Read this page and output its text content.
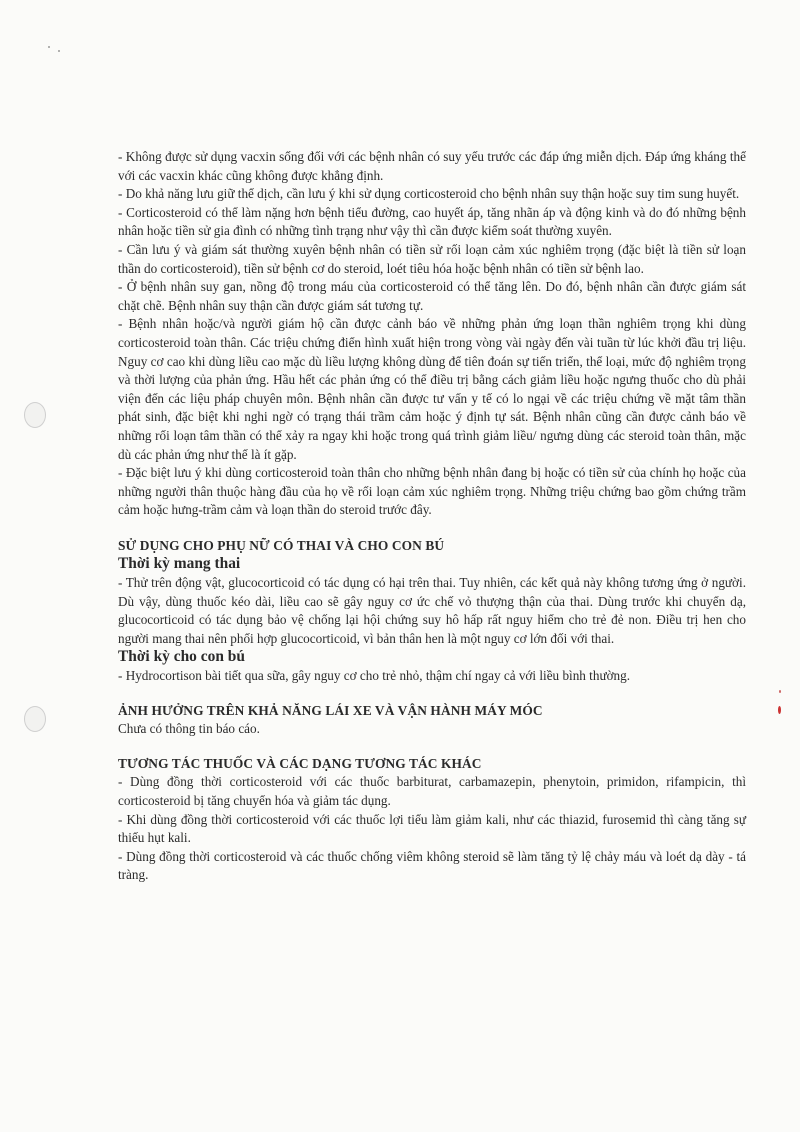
- Không được sử dụng vacxin sống đối với các bệnh nhân có suy yếu trước các đáp ứng miễn dịch. Đáp ứng kháng thể với các vacxin khác cũng không được khẳng định.

- Do khả năng lưu giữ thể dịch, cần lưu ý khi sử dụng corticosteroid cho bệnh nhân suy thận hoặc suy tim sung huyết.

- Corticosteroid có thể làm nặng hơn bệnh tiểu đường, cao huyết áp, tăng nhãn áp và động kinh và do đó những bệnh nhân hoặc tiền sử gia đình có những tình trạng như vậy thì cần được kiểm soát thường xuyên.

- Cần lưu ý và giám sát thường xuyên bệnh nhân có tiền sử rối loạn cảm xúc nghiêm trọng (đặc biệt là tiền sử loạn thần do corticosteroid), tiền sử bệnh cơ do steroid, loét tiêu hóa hoặc bệnh nhân có tiền sử bệnh lao.

- Ở bệnh nhân suy gan, nồng độ trong máu của corticosteroid có thể tăng lên. Do đó, bệnh nhân cần được giám sát chặt chẽ. Bệnh nhân suy thận cần được giám sát tương tự.

- Bệnh nhân hoặc/và người giám hộ cần được cảnh báo về những phản ứng loạn thần nghiêm trọng khi dùng corticosteroid toàn thân. Các triệu chứng điển hình xuất hiện trong vòng vài ngày đến vài tuần từ lúc khởi đầu trị liệu. Nguy cơ cao khi dùng liều cao mặc dù liều lượng không dùng để tiên đoán sự tiến triển, thể loại, mức độ nghiêm trọng và thời lượng của phản ứng. Hầu hết các phản ứng có thể điều trị bằng cách giảm liều hoặc ngưng thuốc cho dù phải viện đến các liệu pháp chuyên môn. Bệnh nhân cần được tư vấn y tế có lo ngại về các triệu chứng về mặt tâm thần phát sinh, đặc biệt khi nghi ngờ có trạng thái trầm cảm hoặc ý định tự sát. Bệnh nhân cũng cần được cảnh báo về những rối loạn tâm thần có thể xảy ra ngay khi hoặc trong quá trình giảm liều/ ngưng dùng các steroid toàn thân, mặc dù các phản ứng như thế là ít gặp.

- Đặc biệt lưu ý khi dùng corticosteroid toàn thân cho những bệnh nhân đang bị hoặc có tiền sử của chính họ hoặc của những người thân thuộc hàng đầu của họ về rối loạn cảm xúc nghiêm trọng. Những triệu chứng bao gồm chứng trầm cảm hoặc hưng-trầm cảm và loạn thần do steroid trước đây.

SỬ DỤNG CHO PHỤ NỮ CÓ THAI VÀ CHO CON BÚ
Thời kỳ mang thai

- Thử trên động vật, glucocorticoid có tác dụng có hại trên thai. Tuy nhiên, các kết quả này không tương ứng ở người. Dù vậy, dùng thuốc kéo dài, liều cao sẽ gây nguy cơ ức chế vỏ thượng thận của thai. Dùng trước khi chuyển dạ, glucocorticoid có tác dụng bảo vệ chống lại hội chứng suy hô hấp rất nguy hiểm cho trẻ đẻ non. Điều trị hen cho người mang thai nên phối hợp glucocorticoid, vì bản thân hen là một nguy cơ lớn đối với thai.

Thời kỳ cho con bú

- Hydrocortison bài tiết qua sữa, gây nguy cơ cho trẻ nhỏ, thậm chí ngay cả với liều bình thường.

ẢNH HƯỞNG TRÊN KHẢ NĂNG LÁI XE VÀ VẬN HÀNH MÁY MÓC

Chưa có thông tin báo cáo.

TƯƠNG TÁC THUỐC VÀ CÁC DẠNG TƯƠNG TÁC KHÁC

- Dùng đồng thời corticosteroid với các thuốc barbiturat, carbamazepin, phenytoin, primidon, rifampicin, thì corticosteroid bị tăng chuyển hóa và giảm tác dụng.

- Khi dùng đồng thời corticosteroid với các thuốc lợi tiểu làm giảm kali, như các thiazid, furosemid thì càng tăng sự thiếu hụt kali.

- Dùng đồng thời corticosteroid và các thuốc chống viêm không steroid sẽ làm tăng tỷ lệ chảy máu và loét dạ dày - tá tràng.
